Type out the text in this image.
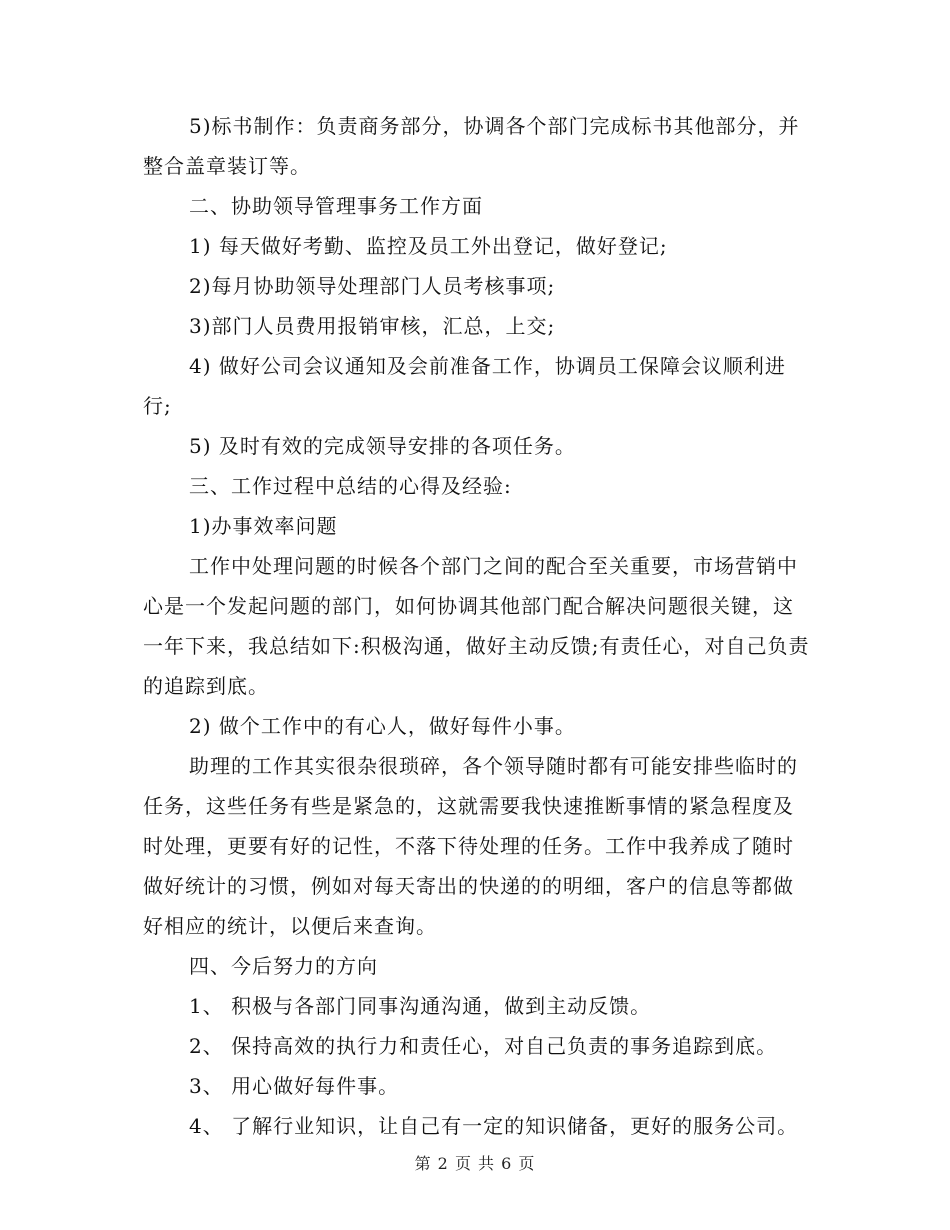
5)标书制作：负责商务部分，协调各个部门完成标书其他部分，并整合盖章装订等。

二、协助领导管理事务工作方面

1) 每天做好考勤、监控及员工外出登记，做好登记;

2)每月协助领导处理部门人员考核事项;

3)部门人员费用报销审核，汇总，上交;

4) 做好公司会议通知及会前准备工作，协调员工保障会议顺利进行;

5) 及时有效的完成领导安排的各项任务。

三、工作过程中总结的心得及经验:

1)办事效率问题

工作中处理问题的时候各个部门之间的配合至关重要，市场营销中心是一个发起问题的部门，如何协调其他部门配合解决问题很关键，这一年下来，我总结如下:积极沟通，做好主动反馈;有责任心，对自己负责的追踪到底。

2) 做个工作中的有心人，做好每件小事。

助理的工作其实很杂很琐碎，各个领导随时都有可能安排些临时的任务，这些任务有些是紧急的，这就需要我快速推断事情的紧急程度及时处理，更要有好的记性，不落下待处理的任务。工作中我养成了随时做好统计的习惯，例如对每天寄出的快递的的明细，客户的信息等都做好相应的统计，以便后来查询。

四、今后努力的方向

1、 积极与各部门同事沟通沟通，做到主动反馈。

2、 保持高效的执行力和责任心，对自己负责的事务追踪到底。

3、 用心做好每件事。

4、 了解行业知识，让自己有一定的知识储备，更好的服务公司。

第 2 页 共 6 页
